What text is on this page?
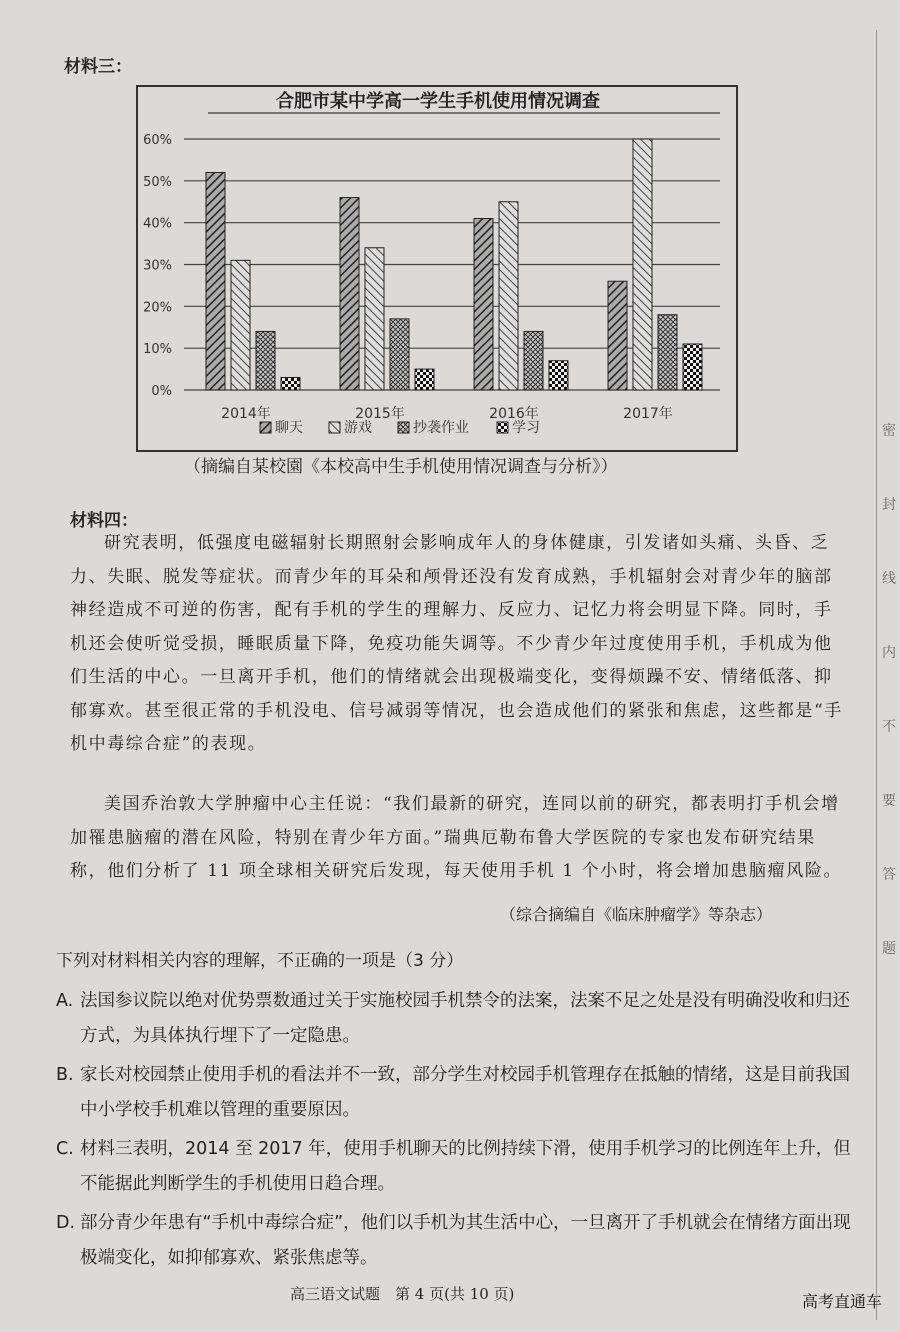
密
封
线
内
不
要
答
题
材料三：
合肥市某中学高一学生手机使用情况调查
0%
10%
20%
30%
40%
50%
60%
2014年	2015年	2016年	2017年
聊天	游戏	抄袭作业	学习
（摘编自某校園《本校高中生手机使用情况调查与分析》）
材料四：

研究表明，低强度电磁辐射长期照射会影响成年人的身体健康，引发诸如头痛、头昏、乏力、失眠、脱发等症状。而青少年的耳朵和颅骨还没有发育成熟，手机辐射会对青少年的脑部神经造成不可逆的伤害，配有手机的学生的理解力、反应力、记忆力将会明显下降。同时，手机还会使听觉受损，睡眠质量下降，免疫功能失调等。不少青少年过度使用手机，手机成为他们生活的中心。一旦离开手机，他们的情绪就会出现极端变化，变得烦躁不安、情绪低落、抑郁寡欢。甚至很正常的手机没电、信号减弱等情况，也会造成他们的紧张和焦虑，这些都是“手机中毒综合症”的表现。

美国乔治敦大学肿瘤中心主任说：“我们最新的研究，连同以前的研究，都表明打手机会增加罹患脑瘤的潜在风险，特别在青少年方面。”瑞典厄勒布鲁大学医院的专家也发布研究结果称，他们分析了 11 项全球相关研究后发现，每天使用手机 1 个小时，将会增加患脑瘤风险。

（综合摘编自《临床肿瘤学》等杂志）
下列对材料相关内容的理解，不正确的一项是（3 分）
A. 法国参议院以绝对优势票数通过关于实施校园手机禁令的法案，法案不足之处是没有明确没收和归还方式，为具体执行埋下了一定隐患。
B. 家长对校园禁止使用手机的看法并不一致，部分学生对校园手机管理存在抵触的情绪，这是目前我国中小学校手机难以管理的重要原因。
C. 材料三表明，2014 至 2017 年，使用手机聊天的比例持续下滑，使用手机学习的比例连年上升，但不能据此判断学生的手机使用日趋合理。
D. 部分青少年患有“手机中毒综合症”，他们以手机为其生活中心，一旦离开了手机就会在情绪方面出现极端变化，如抑郁寡欢、紧张焦虑等。
高三语文试题　第 4 页(共 10 页)	高考直通车
